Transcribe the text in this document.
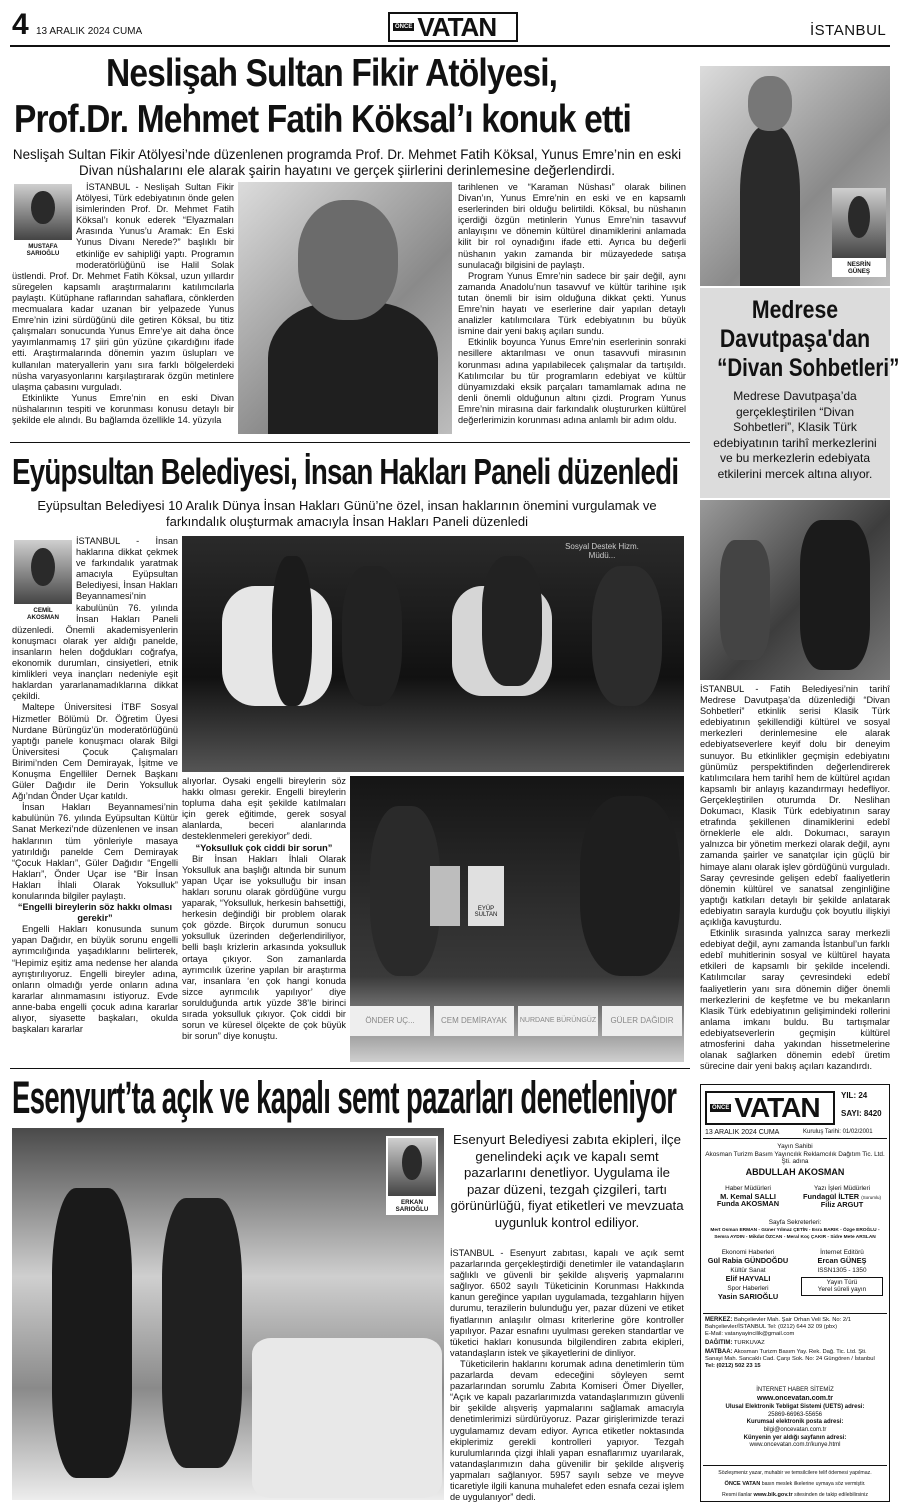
4 13 ARALIK 2024 CUMA	ÖNCE VATAN	İSTANBUL
Neslişah Sultan Fikir Atölyesi,
Prof.Dr. Mehmet Fatih Köksal’ı konuk etti
Neslişah Sultan Fikir Atölyesi’nde düzenlenen programda Prof. Dr. Mehmet Fatih Köksal, Yunus Emre’nin en eski Divan nüshalarını ele alarak şairin hayatını ve gerçek şiirlerini derinlemesine değerlendirdi.
MUSTAFA
SARIOĞLU

İSTANBUL - Neslişah Sultan Fikir Atölyesi, Türk edebiyatının önde gelen isimlerinden Prof. Dr. Mehmet Fatih Köksal’ı konuk ederek “Elyazmaları Arasında Yunus’u Aramak: En Eski Yunus Divanı Nerede?” başlıklı bir etkinliğe ev sahipliği yaptı. Programın moderatörlüğünü ise Halil Solak üstlendi. Prof. Dr. Mehmet Fatih Köksal, uzun yıllardır süregelen kapsamlı araştırmalarını katılımcılarla paylaştı. Kütüphane raflarından sahaflara, cönklerden mecmualara kadar uzanan bir yelpazede Yunus Emre’nin izini sürdüğünü dile getiren Köksal, bu titiz çalışmaları sonucunda Yunus Emre’ye ait daha önce yayımlanmamış 17 şiiri gün yüzüne çıkardığını ifade etti. Araştırmalarında dönemin yazım üslupları ve kullanılan materyallerin yanı sıra farklı bölgelerdeki nüsha varyasyonlarını karşılaştırarak özgün metinlere ulaşma çabasını vurguladı.

Etkinlikte Yunus Emre’nin en eski Divan nüshalarının tespiti ve korunması konusu detaylı bir şekilde ele alındı. Bu bağlamda özellikle 14. yüzyıla

tarihlenen ve “Karaman Nüshası” olarak bilinen Divan’ın, Yunus Emre’nin en eski ve en kapsamlı eserlerinden biri olduğu belirtildi. Köksal, bu nüshanın içerdiği özgün metinlerin Yunus Emre’nin tasavvuf anlayışını ve dönemin kültürel dinamiklerini anlamada kilit bir rol oynadığını ifade etti. Ayrıca bu değerli nüshanın yakın zamanda bir müzayedede satışa sunulacağı bilgisini de paylaştı.

Program Yunus Emre’nin sadece bir şair değil, aynı zamanda Anadolu’nun tasavvuf ve kültür tarihine ışık tutan önemli bir isim olduğuna dikkat çekti. Yunus Emre’nin hayatı ve eserlerine dair yapılan detaylı analizler katılımcılara Türk edebiyatının bu büyük ismine dair yeni bakış açıları sundu.

Etkinlik boyunca Yunus Emre’nin eserlerinin sonraki nesillere aktarılması ve onun tasavvufi mirasının korunması adına yapılabilecek çalışmalar da tartışıldı. Katılımcılar bu tür programların edebiyat ve kültür dünyamızdaki eksik parçaları tamamlamak adına ne denli önemli olduğunun altını çizdi. Program Yunus Emre’nin mirasına dair farkındalık oluştururken kültürel değerlerimizin korunması adına anlamlı bir adım oldu.

NESRİN
GÜNEŞ
Medrese
Davutpaşa'dan
“Divan Sohbetleri”
Medrese Davutpaşa’da gerçekleştirilen “Divan Sohbetleri”, Klasik Türk edebiyatının tarihî merkezlerini ve bu merkezlerin edebiyata etkilerini mercek altına alıyor.

İSTANBUL - Fatih Belediyesi’nin tarihî Medrese Davutpaşa’da düzenlediği “Divan Sohbetleri” etkinlik serisi Klasik Türk edebiyatının şekillendiği kültürel ve sosyal merkezleri derinlemesine ele alarak edebiyatseverlere keyif dolu bir deneyim sunuyor. Bu etkinlikler geçmişin edebiyatını günümüz perspektifinden değerlendirerek katılımcılara hem tarihî hem de kültürel açıdan kapsamlı bir anlayış kazandırmayı hedefliyor. Gerçekleştirilen oturumda Dr. Neslihan Dokumacı, Klasik Türk edebiyatının saray etrafında şekillenen dinamiklerini edebî örneklerle ele aldı. Dokumacı, sarayın yalnızca bir yönetim merkezi olarak değil, aynı zamanda şairler ve sanatçılar için güçlü bir himaye alanı olarak işlev gördüğünü vurguladı. Saray çevresinde gelişen edebî faaliyetlerin dönemin kültürel ve sanatsal zenginliğine yaptığı katkıları detaylı bir şekilde anlatarak edebiyatın sarayla kurduğu çok boyutlu ilişkiyi açıklığa kavuşturdu.

Etkinlik sırasında yalnızca saray merkezli edebiyat değil, aynı zamanda İstanbul’un farklı edebî muhitlerinin sosyal ve kültürel hayata etkileri de kapsamlı bir şekilde incelendi. Katılımcılar saray çevresindeki edebî faaliyetlerin yanı sıra dönemin diğer önemli merkezlerini de keşfetme ve bu mekanların Klasik Türk edebiyatının gelişimindeki rollerini anlama imkanı buldu. Bu tartışmalar edebiyatseverlerin geçmişin kültürel atmosferini daha yakından hissetmelerine olanak sağlarken dönemin edebî üretim sürecine dair yeni bakış açıları kazandırdı.

Eyüpsultan Belediyesi, İnsan Hakları Paneli düzenledi
Eyüpsultan Belediyesi 10 Aralık Dünya İnsan Hakları Günü’ne özel, insan haklarının önemini vurgulamak ve farkındalık oluşturmak amacıyla İnsan Hakları Paneli düzenledi
CEMİL
AKOSMAN

İSTANBUL - İnsan haklarına dikkat çekmek ve farkındalık yaratmak amacıyla Eyüpsultan Belediyesi, İnsan Hakları Beyannamesi’nin kabulünün 76. yılında İnsan Hakları Paneli düzenledi. Önemli akademisyenlerin konuşmacı olarak yer aldığı panelde, insanların helen doğdukları coğrafya, ekonomik durumları, cinsiyetleri, etnik kimlikleri veya inançları nedeniyle eşit haklardan yararlanamadıklarına dikkat çekildi.

Maltepe Üniversitesi İTBF Sosyal Hizmetler Bölümü Dr. Öğretim Üyesi Nurdane Bürüngüz’ün moderatörlüğünü yaptığı panele konuşmacı olarak Bilgi Üniversitesi Çocuk Çalışmaları Birimi’nden Cem Demirayak, İşitme ve Konuşma Engelliler Dernek Başkanı Güler Dağıdır ile Derin Yoksulluk Ağı’ndan Önder Uçar katıldı.

İnsan Hakları Beyannamesi’nin kabulünün 76. yılında Eyüpsultan Kültür Sanat Merkezi’nde düzenlenen ve insan haklarının tüm yönleriyle masaya yatırıldığı panelde Cem Demirayak “Çocuk Hakları”, Güler Dağıdır “Engelli Hakları”, Önder Uçar ise “Bir İnsan Hakları İhlali Olarak Yoksulluk” konularında bilgiler paylaştı.

“Engelli bireylerin söz hakkı olması gerekir”

Engelli Hakları konusunda sunum yapan Dağıdır, en büyük sorunu engelli ayrımcılığında yaşadıklarını belirterek, “Hepimiz eşitiz ama nedense her alanda ayrıştırılıyoruz. Engelli bireyler adına, onların olmadığı yerde onların adına kararlar alınmamasını istiyoruz. Evde anne-baba engelli çocuk adına kararlar alıyor, siyasette başkaları, okulda başkaları kararlar

Sosyal Destek Hizm. Müdü...

alıyorlar. Oysaki engelli bireylerin söz hakkı olması gerekir. Engelli bireylerin topluma daha eşit şekilde katılmaları için gerek eğitimde, gerek sosyal alanlarda, beceri alanlarında desteklenmeleri gerekiyor” dedi.

“Yoksulluk çok ciddi bir sorun”

Bir İnsan Hakları İhlali Olarak Yoksulluk ana başlığı altında bir sunum yapan Uçar ise yoksulluğu bir insan hakları sorunu olarak gördüğüne vurgu yaparak, “Yoksulluk, herkesin bahsettiği, herkesin değindiği bir problem olarak çok gözde. Birçok durumun sonucu yoksulluk üzerinden değerlendiriliyor, belli başlı krizlerin arkasında yoksulluk ortaya çıkıyor. Son zamanlarda ayrımcılık üzerine yapılan bir araştırma var, insanlara ‘en çok hangi konuda sizce ayrımcılık yapılıyor’ diye sorulduğunda artık yüzde 38’le birinci sırada yoksulluk çıkıyor. Çok ciddi bir sorun ve küresel ölçekte de çok büyük bir sorun” diye konuştu.

EYÜP SULTAN
ÖNDER UÇ...	CEM DEMİRAYAK	NURDANE BÜRÜNGÜZ	GÜLER DAĞIDIR
Esenyurt’ta açık ve kapalı semt pazarları denetleniyor
ERKAN
SARIOĞLU
Esenyurt Belediyesi zabıta ekipleri, ilçe genelindeki açık ve kapalı semt pazarlarını denetliyor. Uygulama ile pazar düzeni, tezgah çizgileri, tartı görünürlüğü, fiyat etiketleri ve mevzuata uygunluk kontrol ediliyor.

İSTANBUL - Esenyurt zabıtası, kapalı ve açık semt pazarlarında gerçekleştirdiği denetimler ile vatandaşların sağlıklı ve güvenli bir şekilde alışveriş yapmalarını sağlıyor. 6502 sayılı Tüketicinin Korunması Hakkında kanun gereğince yapılan uygulamada, tezgahların hijyen durumu, terazilerin bulunduğu yer, pazar düzeni ve etiket fiyatlarının anlaşılır olması kriterlerine göre kontroller yapılıyor. Pazar esnafını uyulması gereken standartlar ve tüketici hakları konusunda bilgilendiren zabıta ekipleri, vatandaşların istek ve şikayetlerini de dinliyor.

Tüketicilerin haklarını korumak adına denetimlerin tüm pazarlarda devam edeceğini söyleyen semt pazarlarından sorumlu Zabıta Komiseri Ömer Diyeller, “Açık ve kapalı pazarlarımızda vatandaşlarımızın güvenli bir şekilde alışveriş yapmalarını sağlamak amacıyla denetimlerimizi sürdürüyoruz. Pazar girişlerimizde terazi uygulamamız devam ediyor. Ayrıca etiketler noktasında ekiplerimiz gerekli kontrolleri yapıyor. Tezgah kurulumlarında çizgi ihlali yapan esnaflarımız uyarılarak, vatandaşlarımızın daha güvenilir bir şekilde alışveriş yapmaları sağlanıyor. 5957 sayılı sebze ve meyve ticaretiyle ilgili kanuna muhalefet eden esnafa cezai işlem de uygulanıyor” dedi.

YIL: 24
SAYI: 8420
ÖNCE VATAN
13 ARALIK 2024 CUMA	Kuruluş Tarihi: 01/02/2001
Yayın Sahibi
Akosman Turizm Basım Yayıncılık Reklamcılık Dağıtım Tic. Ltd. Şti. adına
ABDULLAH AKOSMAN
Haber Müdürleri
M. Kemal SALLI
Funda AKOSMAN
Yazı İşleri Müdürleri
Fundagül İLTER (Sorumlu)
Filiz ARGUT
Sayfa Sekreterleri:
Mert Osman ERMAN - Güner Yılmaz ÇETİN - Esra BARIK - Özge EROĞLU -
Semra AYDIN - Mikdat ÖZCAN - Meral Koç ÇAKIR - Sidre Mete ARSLAN
Ekonomi Haberleri
Gül Rabia GÜNDOĞDU
Kültür Sanat
Elif HAYVALI
Spor Haberleri
Yasin SARIOĞLU
İnternet Editörü
Ercan GÜNEŞ
ISSN1305 - 1350
Yayın Türü
Yerel süreli yayın
MERKEZ: Bahçelievler Mah. Şair Orhan Veli Sk. No: 2/1
Bahçelievler/İSTANBUL Tel: (0212) 644 32 09 (pbx)
E-Mail: vatanyayincilik@gmail.com
DAĞITIM: TURKUVAZ
MATBAA: Akosman Turizm Basım Yay. Rek. Dağ. Tic. Ltd. Şti.
Sanayi Mah. Sancaklı Cad. Çarşı Sok. No: 24 Güngören / İstanbul
Tel: (0212) 502 23 15
İNTERNET HABER SİTEMİZ
www.oncevatan.com.tr
Ulusal Elektronik Tebligat Sistemi (UETS) adresi:
25869-66963-55656
Kurumsal elektronik posta adresi:
bilgi@oncevatan.com.tr
Künyenin yer aldığı sayfanın adresi:
www.oncevatan.com.tr/kunye.html
Sözleşmeniz yazar, muhabir ve temsilcilere telif ödemesi yapılmaz.
ÖNCE VATAN basın meslek ilkelerine uymaya söz vermiştir.
Resmi ilanlar www.bik.gov.tr sitesinden de takip edilebilirsiniz
